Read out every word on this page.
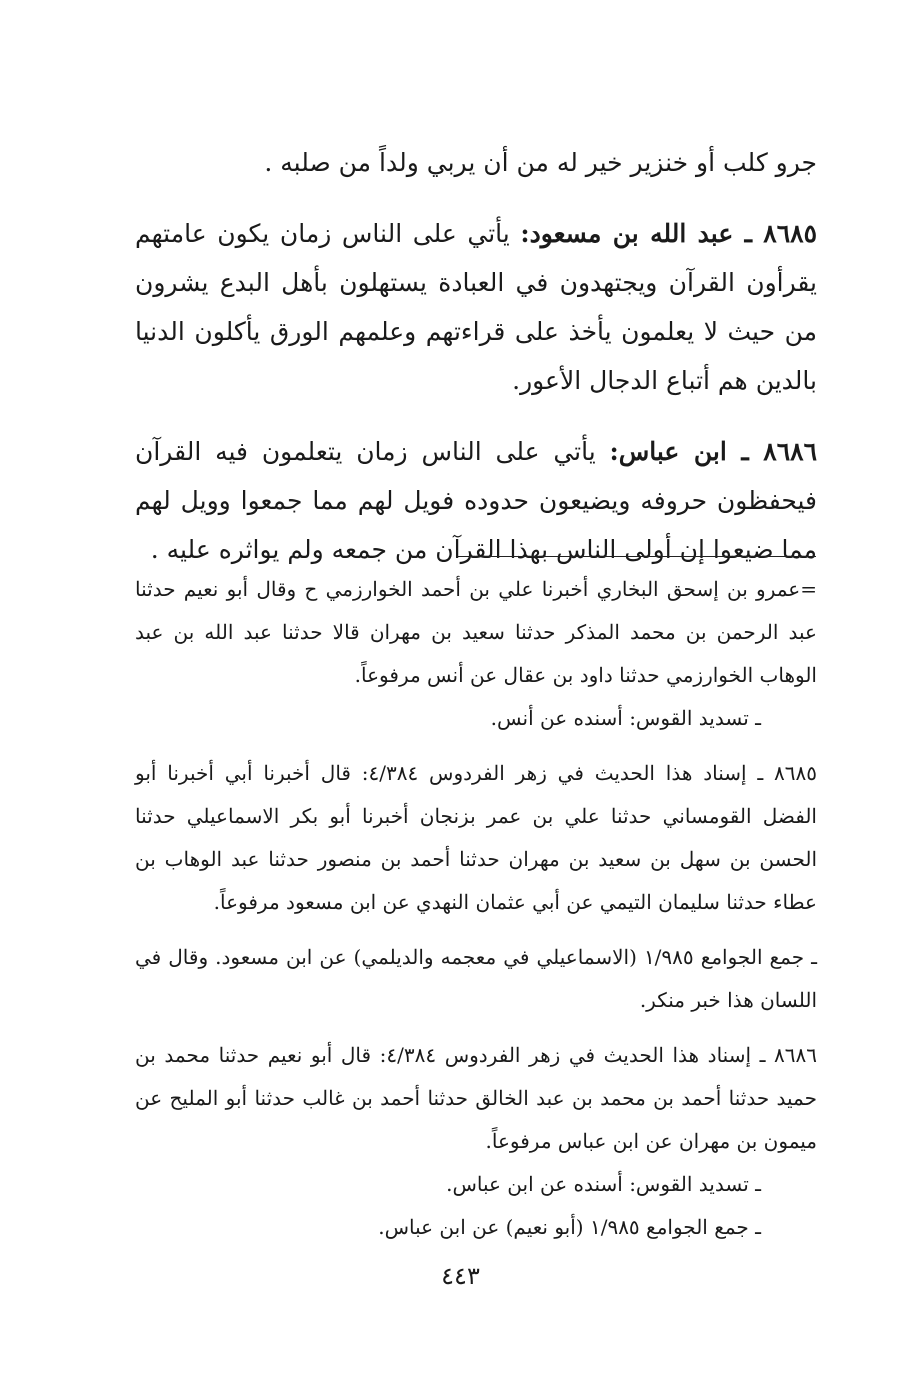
جرو كلب أو خنزير خير له من أن يربي ولداً من صلبه .

٨٦٨٥ ـ عبد الله بن مسعود: يأتي على الناس زمان يكون عامتهم يقرأون القرآن ويجتهدون في العبادة يستهلون بأهل البدع يشرون من حيث لا يعلمون يأخذ على قراءتهم وعلمهم الورق يأكلون الدنيا بالدين هم أتباع الدجال الأعور.

٨٦٨٦ ـ ابن عباس: يأتي على الناس زمان يتعلمون فيه القرآن فيحفظون حروفه ويضيعون حدوده فويل لهم مما جمعوا وويل لهم مما ضيعوا إن أولى الناس بهذا القرآن من جمعه ولم يواثره عليه .

=عمرو بن إسحق البخاري أخبرنا علي بن أحمد الخوارزمي ح وقال أبو نعيم حدثنا عبد الرحمن بن محمد المذكر حدثنا سعيد بن مهران قالا حدثنا عبد الله بن عبد الوهاب الخوارزمي حدثنا داود بن عقال عن أنس مرفوعاً.

ـ تسديد القوس: أسنده عن أنس.

٨٦٨٥ ـ إسناد هذا الحديث في زهر الفردوس ٤/٣٨٤: قال أخبرنا أبي أخبرنا أبو الفضل القومساني حدثنا علي بن عمر بزنجان أخبرنا أبو بكر الاسماعيلي حدثنا الحسن بن سهل بن سعيد بن مهران حدثنا أحمد بن منصور حدثنا عبد الوهاب بن عطاء حدثنا سليمان التيمي عن أبي عثمان النهدي عن ابن مسعود مرفوعاً.

ـ جمع الجوامع ١/٩٨٥ (الاسماعيلي في معجمه والديلمي) عن ابن مسعود. وقال في اللسان هذا خبر منكر.

٨٦٨٦ ـ إسناد هذا الحديث في زهر الفردوس ٤/٣٨٤: قال أبو نعيم حدثنا محمد بن حميد حدثنا أحمد بن محمد بن عبد الخالق حدثنا أحمد بن غالب حدثنا أبو المليح عن ميمون بن مهران عن ابن عباس مرفوعاً.

ـ تسديد القوس: أسنده عن ابن عباس.

ـ جمع الجوامع ١/٩٨٥ (أبو نعيم) عن ابن عباس.

٤٤٣
